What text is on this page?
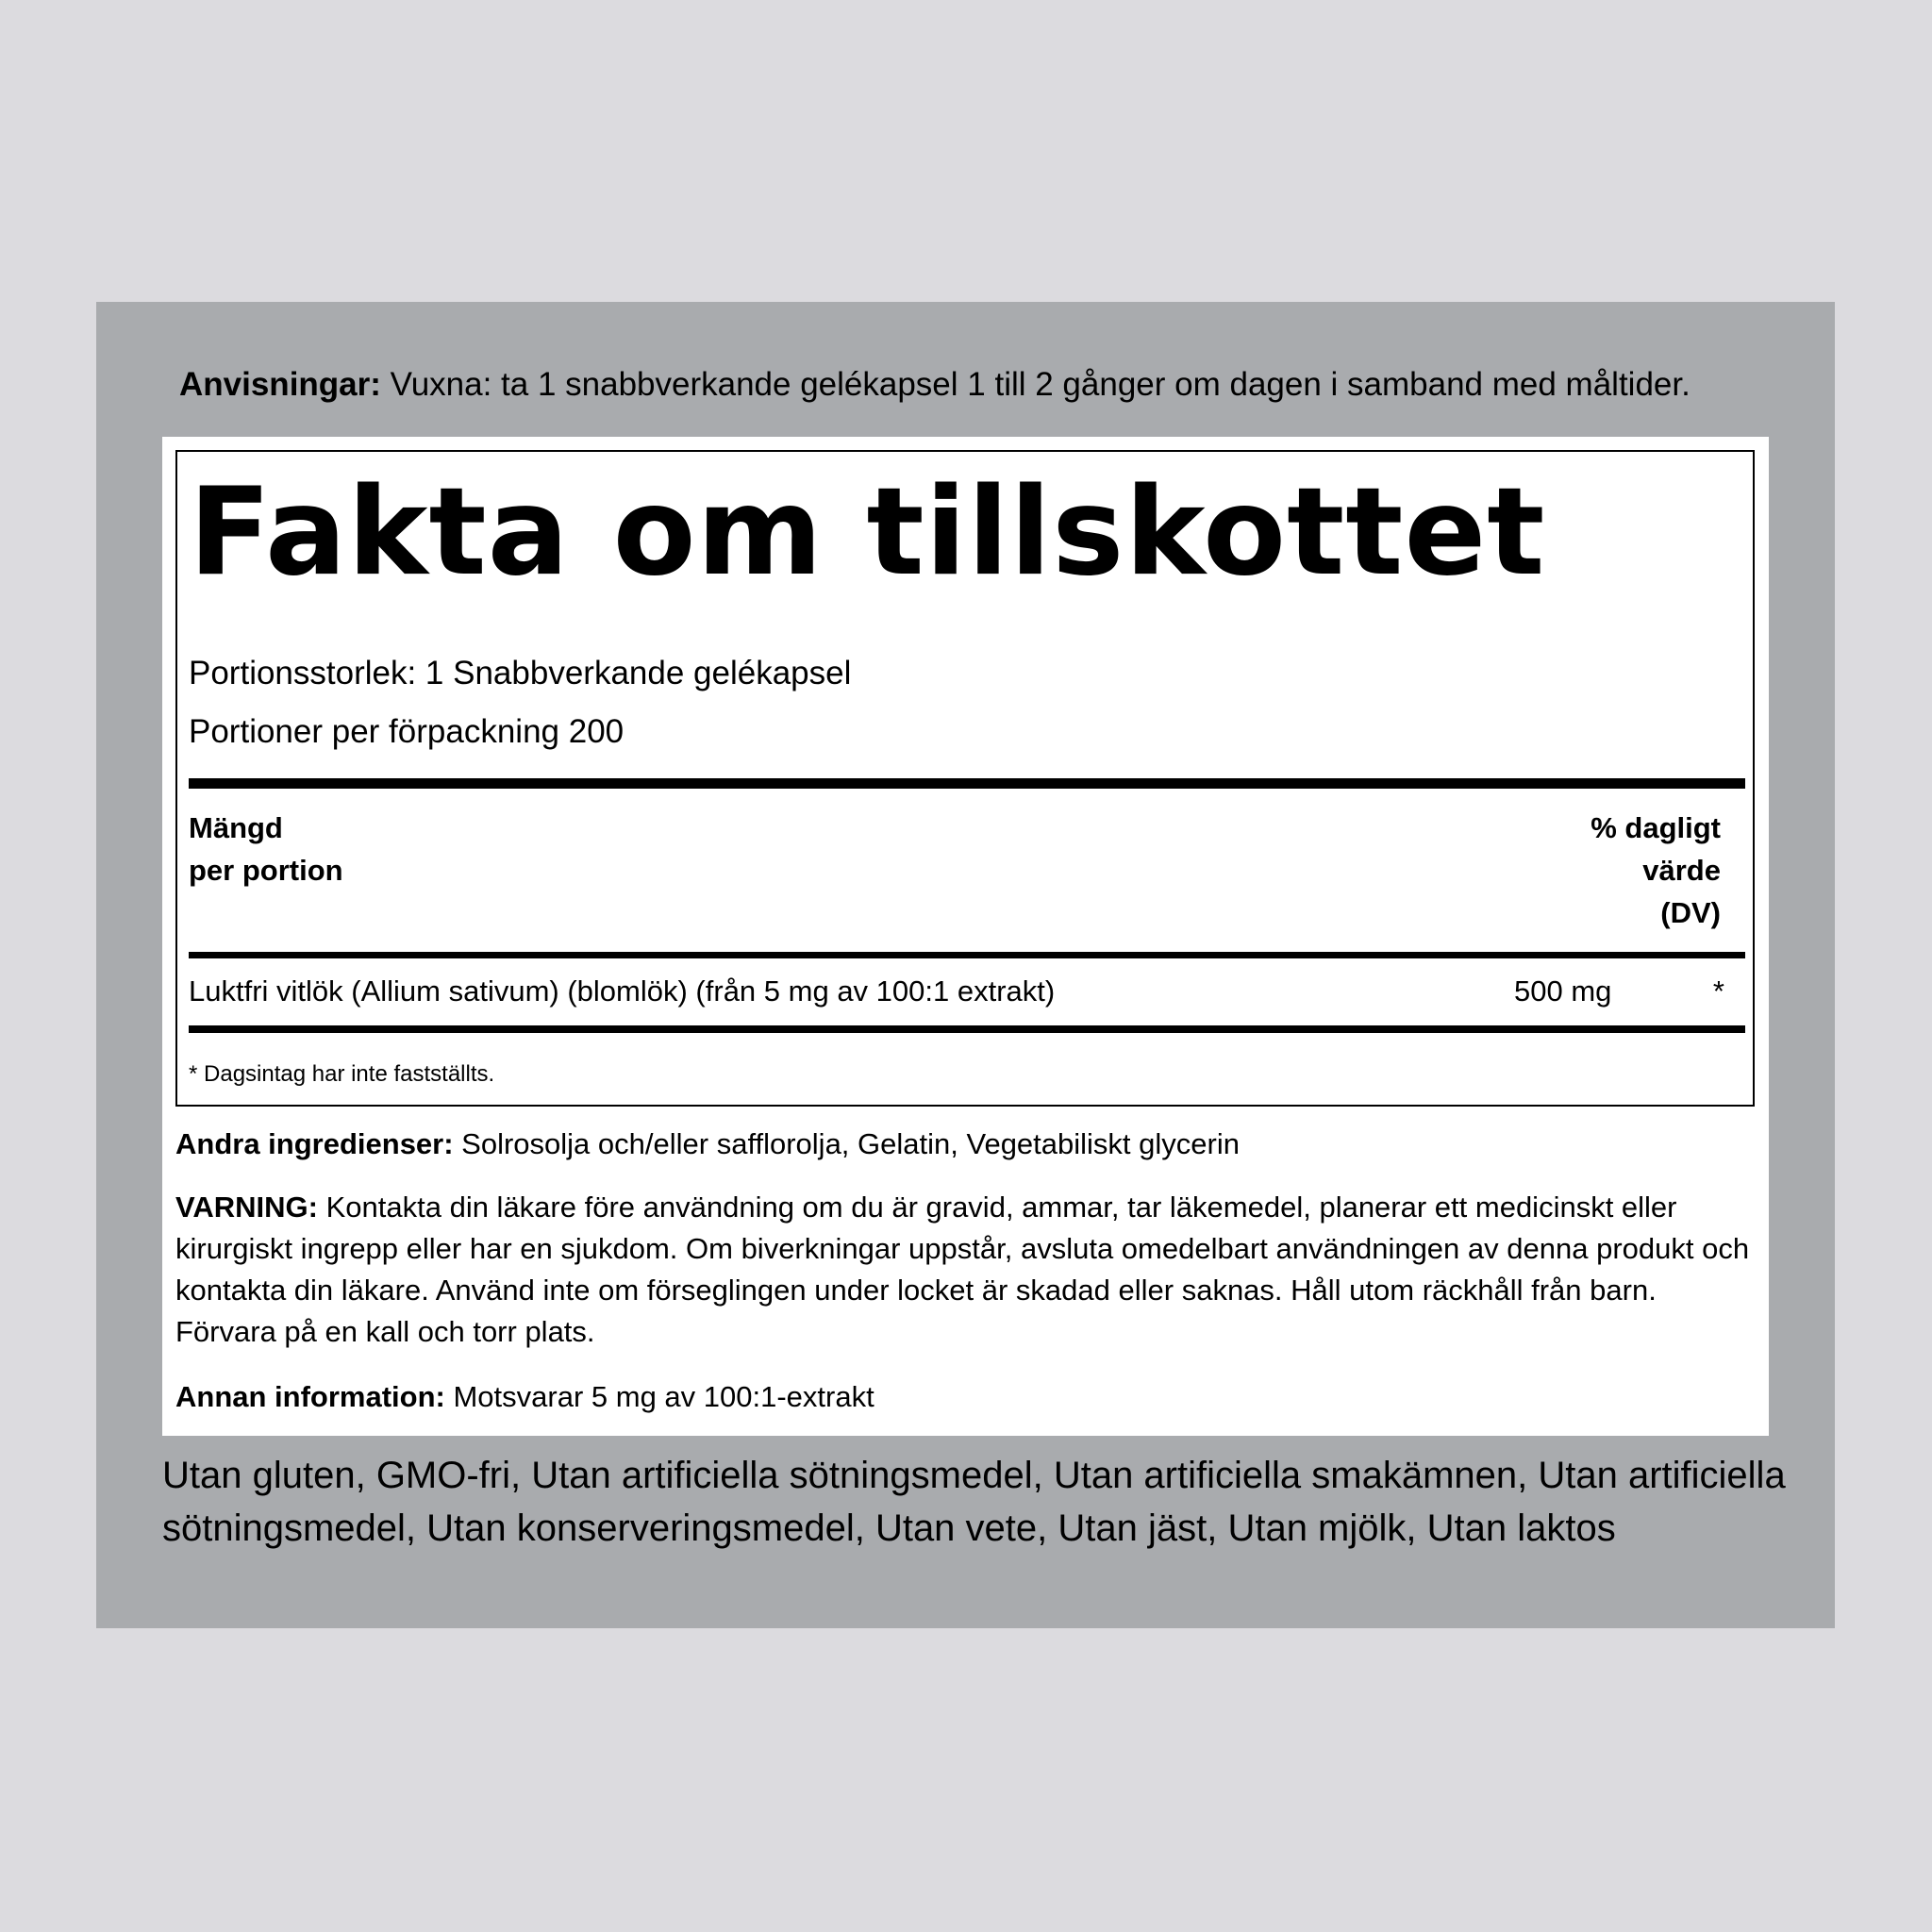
Anvisningar: Vuxna: ta 1 snabbverkande gelékapsel 1 till 2 gånger om dagen i samband med måltider.
Fakta om tillskottet
Portionsstorlek: 1 Snabbverkande gelékapsel
Portioner per förpackning 200
Mängd
per portion
% dagligt
värde
(DV)
Luktfri vitlök (Allium sativum) (blomlök) (från 5 mg av 100:1 extrakt)	500 mg	*
* Dagsintag har inte fastställts.
Andra ingredienser: Solrosolja och/eller safflorolja, Gelatin, Vegetabiliskt glycerin
VARNING: Kontakta din läkare före användning om du är gravid, ammar, tar läkemedel, planerar ett medicinskt eller kirurgiskt ingrepp eller har en sjukdom. Om biverkningar uppstår, avsluta omedelbart användningen av denna produkt och kontakta din läkare. Använd inte om förseglingen under locket är skadad eller saknas. Håll utom räckhåll från barn. Förvara på en kall och torr plats.
Annan information: Motsvarar 5 mg av 100:1-extrakt
Utan gluten, GMO-fri, Utan artificiella sötningsmedel, Utan artificiella smakämnen, Utan artificiella sötningsmedel, Utan konserveringsmedel, Utan vete, Utan jäst, Utan mjölk, Utan laktos
